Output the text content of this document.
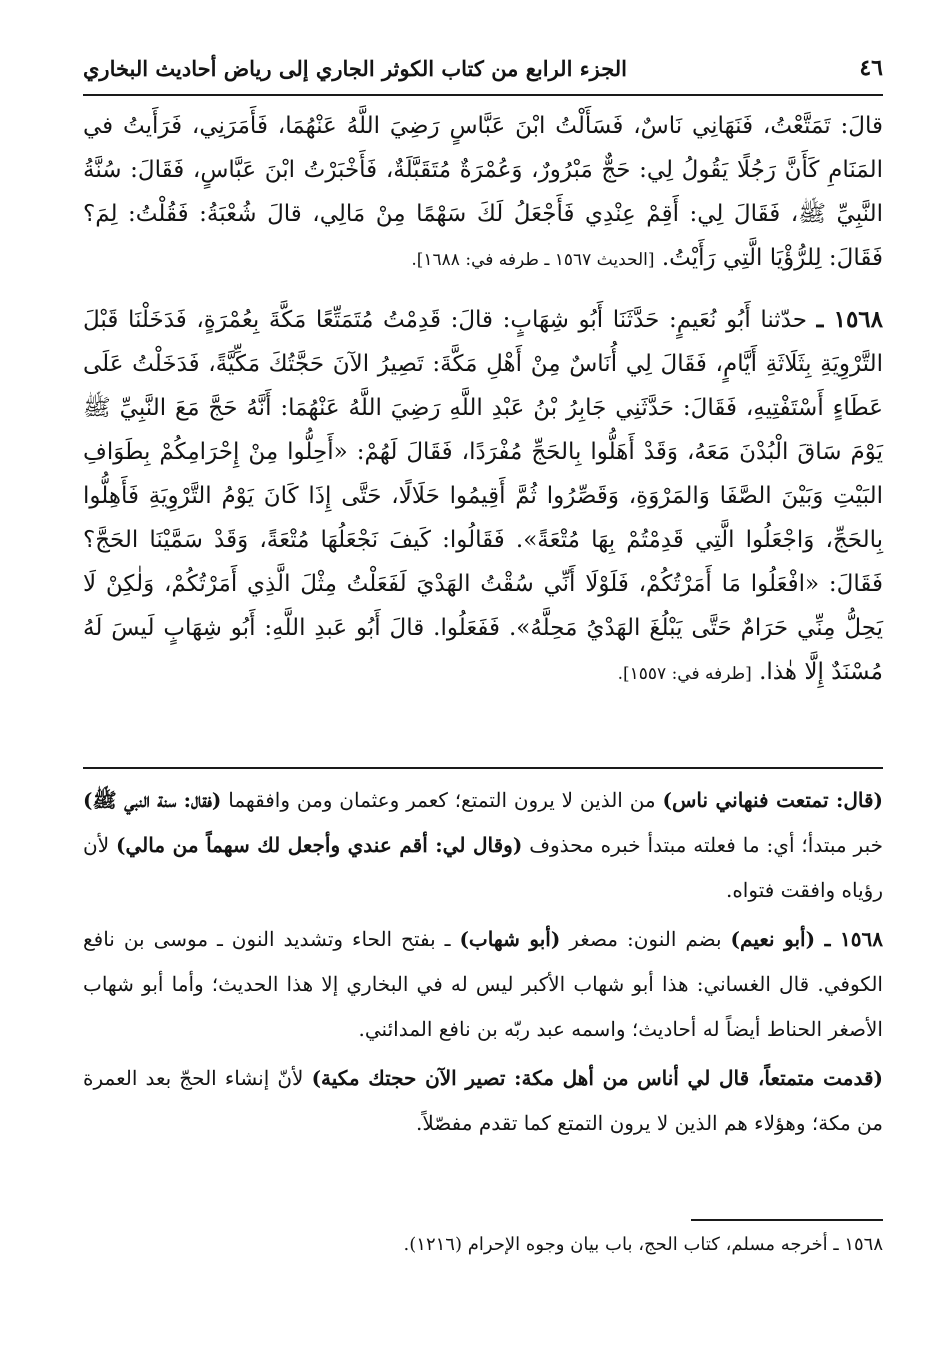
٤٦
الجزء الرابع من كتاب الكوثر الجاري إلى رياض أحاديث البخاري

قالَ: تَمَتَّعْتُ، فَنَهَانِي نَاسٌ، فَسَأَلْتُ ابْنَ عَبَّاسٍ رَضِيَ اللَّهُ عَنْهُمَا، فَأَمَرَنِي، فَرَأَيتُ في المَنَامِ كَأَنَّ رَجُلًا يَقُولُ لِي: حَجٌّ مَبْرُورٌ، وَعُمْرَةٌ مُتَقَبَّلَةٌ، فَأَخْبَرْتُ ابْنَ عَبَّاسٍ، فَقَالَ: سُنَّةُ النَّبِيِّ ﷺ، فَقَالَ لِي: أَقِمْ عِنْدِي فَأَجْعَلُ لَكَ سَهْمًا مِنْ مَالِي، قالَ شُعْبَةُ: فَقُلْتُ: لِمَ؟ فَقَالَ: لِلرُّؤْيَا الَّتِي رَأَيْتُ. [الحديث ١٥٦٧ ـ طرفه في: ١٦٨٨].

١٥٦٨ ـ حدّثنا أَبُو نُعَيمٍ: حَدَّثَنَا أَبُو شِهَابٍ: قالَ: قَدِمْتُ مُتَمَتِّعًا مَكَّةَ بِعُمْرَةٍ، فَدَخَلْنَا قَبْلَ التَّرْوِيَةِ بِثَلَاثَةِ أَيَّامٍ، فَقَالَ لِي أُنَاسٌ مِنْ أَهْلِ مَكَّةَ: تَصِيرُ الآنَ حَجَّتُكَ مَكِّيَّةً، فَدَخَلْتُ عَلَى عَطَاءٍ أَسْتَفْتِيهِ، فَقَالَ: حَدَّثَنِي جَابِرُ بْنُ عَبْدِ اللَّهِ رَضِيَ اللَّهُ عَنْهُمَا: أَنَّهُ حَجَّ مَعَ النَّبِيِّ ﷺ يَوْمَ سَاقَ الْبُدْنَ مَعَهُ، وَقَدْ أَهَلُّوا بِالحَجِّ مُفْرَدًا، فَقَالَ لَهُمْ: «أَحِلُّوا مِنْ إِحْرَامِكُمْ بِطَوَافِ البَيْتِ وَبَيْنَ الصَّفَا وَالمَرْوَةِ، وَقَصِّرُوا ثُمَّ أَقِيمُوا حَلَالًا، حَتَّى إِذَا كَانَ يَوْمُ التَّرْوِيَةِ فَأَهِلُّوا بِالحَجِّ، وَاجْعَلُوا الَّتِي قَدِمْتُمْ بِهَا مُتْعَةً». فَقَالُوا: كَيفَ نَجْعَلُهَا مُتْعَةً، وَقَدْ سَمَّيْنَا الحَجَّ؟ فَقَالَ: «افْعَلُوا مَا أَمَرْتُكُمْ، فَلَوْلَا أَنِّي سُقْتُ الهَدْيَ لَفَعَلْتُ مِثْلَ الَّذِي أَمَرْتُكُمْ، وَلٰكِنْ لَا يَحِلُّ مِنِّي حَرَامٌ حَتَّى يَبْلُغَ الهَدْيُ مَحِلَّهُ». فَفَعَلُوا. قالَ أَبُو عَبدِ اللَّهِ: أَبُو شِهَابٍ لَيسَ لَهُ مُسْنَدٌ إِلَّا هٰذا. [طرفه في: ١٥٥٧].

(قال: تمتعت فنهاني ناس) من الذين لا يرون التمتع؛ كعمر وعثمان ومن وافقهما (فقال: سنة النبي ﷺ) خبر مبتدأ؛ أي: ما فعلته مبتدأ خبره محذوف (وقال لي: أقم عندي وأجعل لك سهماً من مالي) لأن رؤياه وافقت فتواه.

١٥٦٨ ـ (أبو نعيم) بضم النون: مصغر (أبو شهاب) ـ بفتح الحاء وتشديد النون ـ موسى بن نافع الكوفي. قال الغساني: هذا أبو شهاب الأكبر ليس له في البخاري إلا هذا الحديث؛ وأما أبو شهاب الأصغر الحناط أيضاً له أحاديث؛ واسمه عبد ربّه بن نافع المدائني.

(قدمت متمتعاً، قال لي أناس من أهل مكة: تصير الآن حجتك مكية) لأنّ إنشاء الحجّ بعد العمرة من مكة؛ وهؤلاء هم الذين لا يرون التمتع كما تقدم مفصّلاً.

١٥٦٨ ـ أخرجه مسلم، كتاب الحج، باب بيان وجوه الإحرام (١٢١٦).
